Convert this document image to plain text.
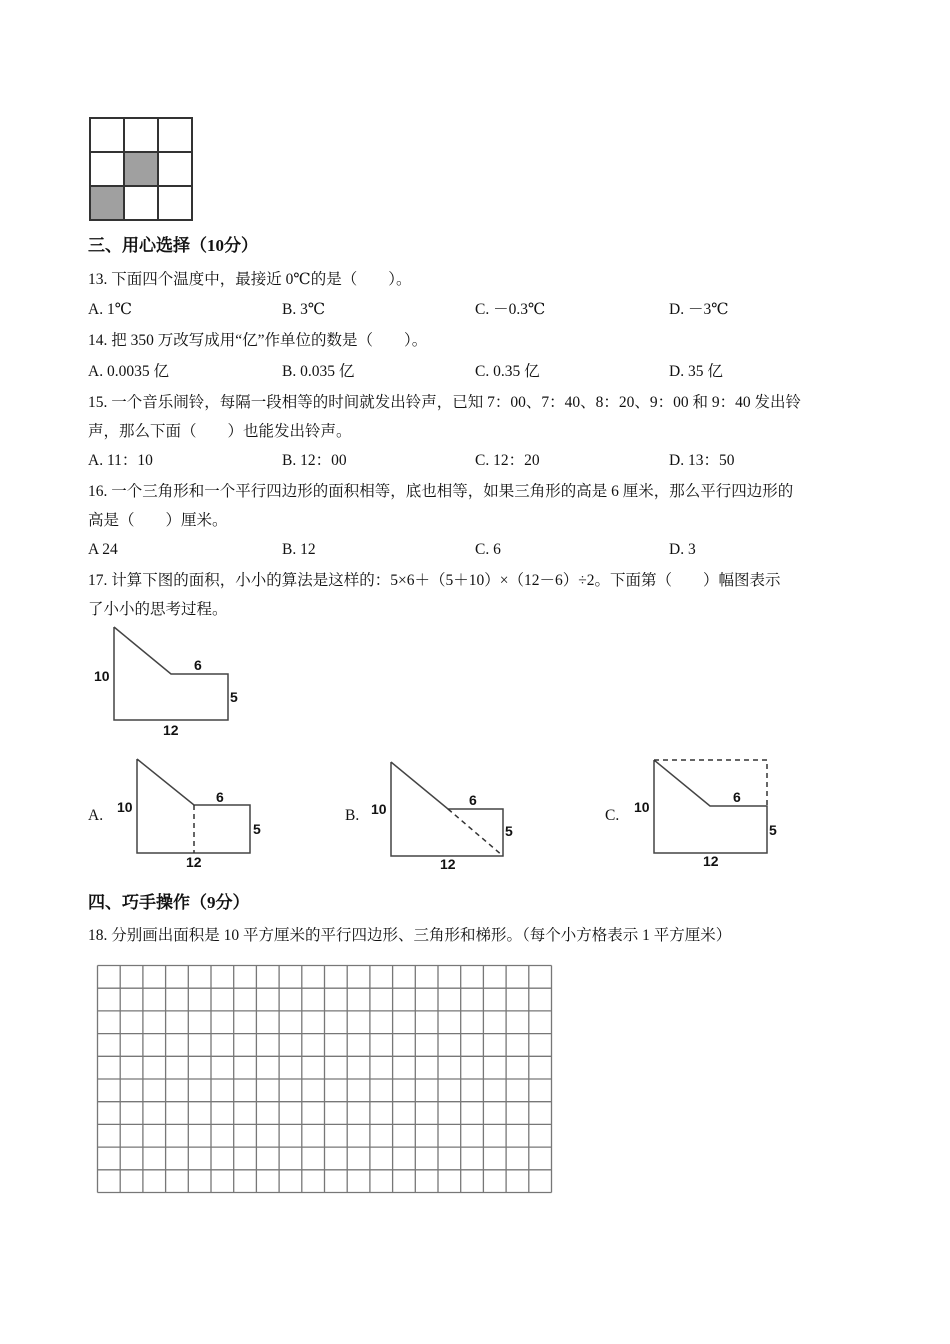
三、用心选择（10分）
13. 下面四个温度中，最接近 0℃的是（　　）。
A. 1℃	B. 3℃	C. －0.3℃	D. －3℃
14. 把 350 万改写成用“亿”作单位的数是（　　）。
A. 0.0035 亿	B. 0.035 亿	C. 0.35 亿	D. 35 亿
15. 一个音乐闹铃，每隔一段相等的时间就发出铃声，已知 7：00、7：40、8：20、9：00 和 9：40 发出铃
声，那么下面（　　）也能发出铃声。
A. 11：10	B. 12：00	C. 12：20	D. 13：50
16. 一个三角形和一个平行四边形的面积相等，底也相等，如果三角形的高是 6 厘米，那么平行四边形的
高是（　　）厘米。
A 24	B. 12	C. 6	D. 3
17. 计算下图的面积，小小的算法是这样的：5×6＋（5＋10）×（12－6）÷2。下面第（　　）幅图表示
了小小的思考过程。
10
6
5
12
10
6
5
12
10
6
5
12
10
6
5
12
A.	B.	C.
四、巧手操作（9分）
18. 分别画出面积是 10 平方厘米的平行四边形、三角形和梯形。（每个小方格表示 1 平方厘米）
